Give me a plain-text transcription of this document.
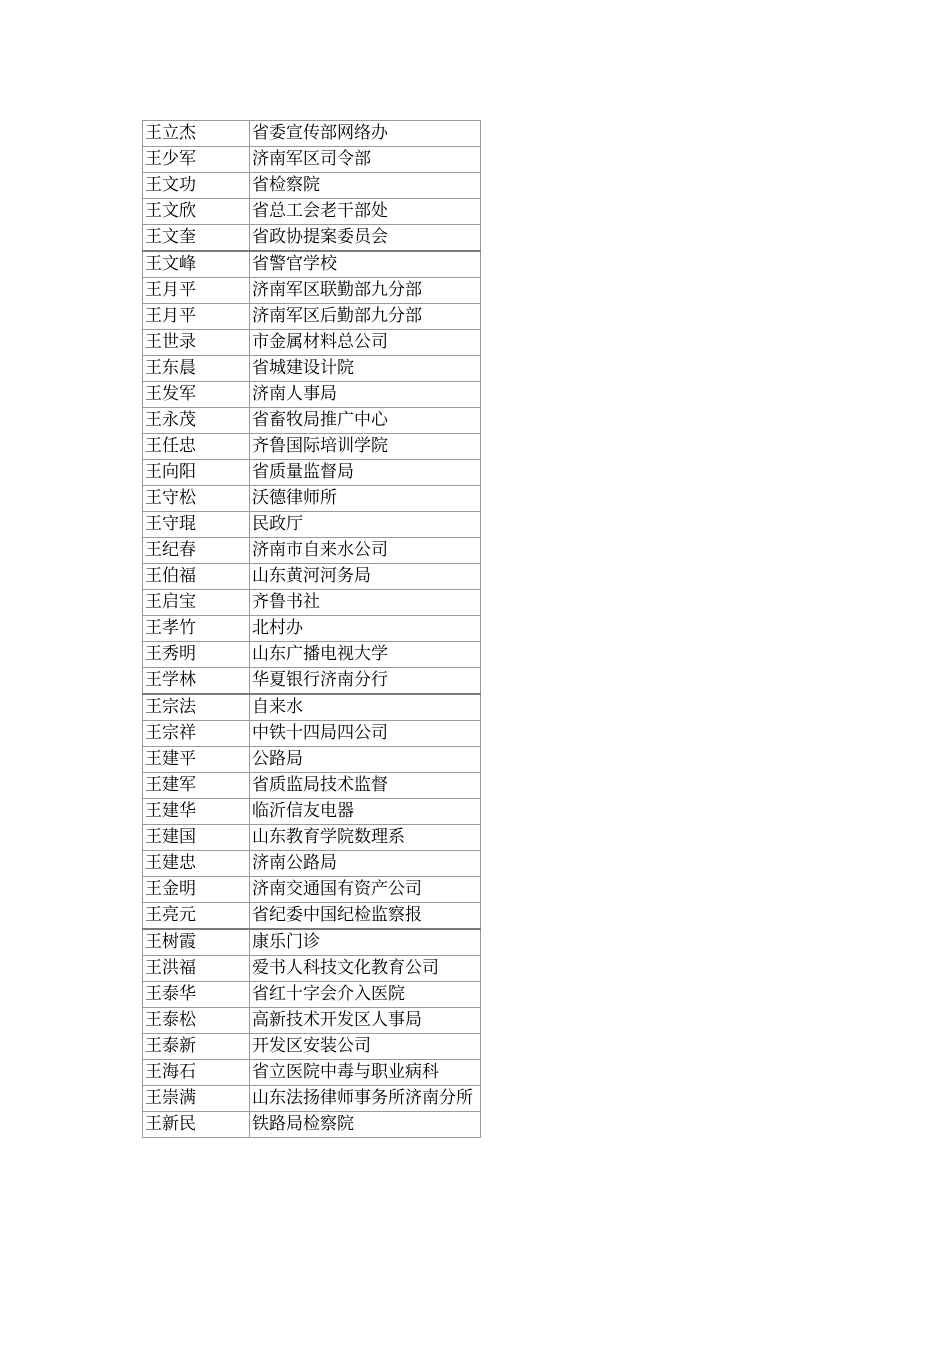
王立杰	省委宣传部网络办
王少军	济南军区司令部
王文功	省检察院
王文欣	省总工会老干部处
王文奎	省政协提案委员会
王文峰	省警官学校
王月平	济南军区联勤部九分部
王月平	济南军区后勤部九分部
王世录	市金属材料总公司
王东晨	省城建设计院
王发军	济南人事局
王永茂	省畜牧局推广中心
王任忠	齐鲁国际培训学院
王向阳	省质量监督局
王守松	沃德律师所
王守琨	民政厅
王纪春	济南市自来水公司
王伯福	山东黄河河务局
王启宝	齐鲁书社
王孝竹	北村办
王秀明	山东广播电视大学
王学林	华夏银行济南分行
王宗法	自来水
王宗祥	中铁十四局四公司
王建平	公路局
王建军	省质监局技术监督
王建华	临沂信友电器
王建国	山东教育学院数理系
王建忠	济南公路局
王金明	济南交通国有资产公司
王亮元	省纪委中国纪检监察报
王树霞	康乐门诊
王洪福	爱书人科技文化教育公司
王泰华	省红十字会介入医院
王泰松	高新技术开发区人事局
王泰新	开发区安装公司
王海石	省立医院中毒与职业病科
王崇满	山东法扬律师事务所济南分所
王新民	铁路局检察院
